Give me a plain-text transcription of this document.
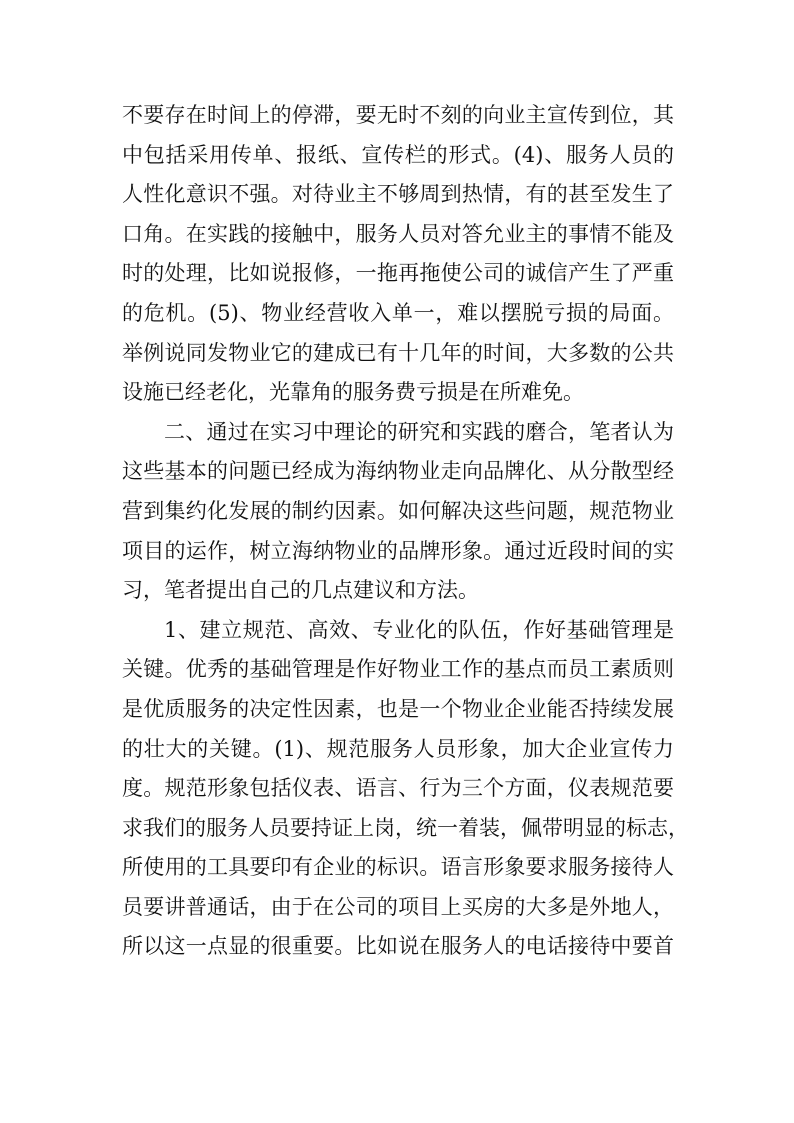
不要存在时间上的停滞，要无时不刻的向业主宣传到位，其
中包括采用传单、报纸、宣传栏的形式。(4)、服务人员的
人性化意识不强。对待业主不够周到热情，有的甚至发生了
口角。在实践的接触中，服务人员对答允业主的事情不能及
时的处理，比如说报修，一拖再拖使公司的诚信产生了严重
的危机。(5)、物业经营收入单一，难以摆脱亏损的局面。
举例说同发物业它的建成已有十几年的时间，大多数的公共
设施已经老化，光靠角的服务费亏损是在所难免。
二、通过在实习中理论的研究和实践的磨合，笔者认为
这些基本的问题已经成为海纳物业走向品牌化、从分散型经
营到集约化发展的制约因素。如何解决这些问题，规范物业
项目的运作，树立海纳物业的品牌形象。通过近段时间的实
习，笔者提出自己的几点建议和方法。
1、建立规范、高效、专业化的队伍，作好基础管理是
关键。优秀的基础管理是作好物业工作的基点而员工素质则
是优质服务的决定性因素，也是一个物业企业能否持续发展
的壮大的关键。(1)、规范服务人员形象，加大企业宣传力
度。规范形象包括仪表、语言、行为三个方面，仪表规范要
求我们的服务人员要持证上岗，统一着装，佩带明显的标志，
所使用的工具要印有企业的标识。语言形象要求服务接待人
员要讲普通话，由于在公司的项目上买房的大多是外地人，
所以这一点显的很重要。比如说在服务人的电话接待中要首
